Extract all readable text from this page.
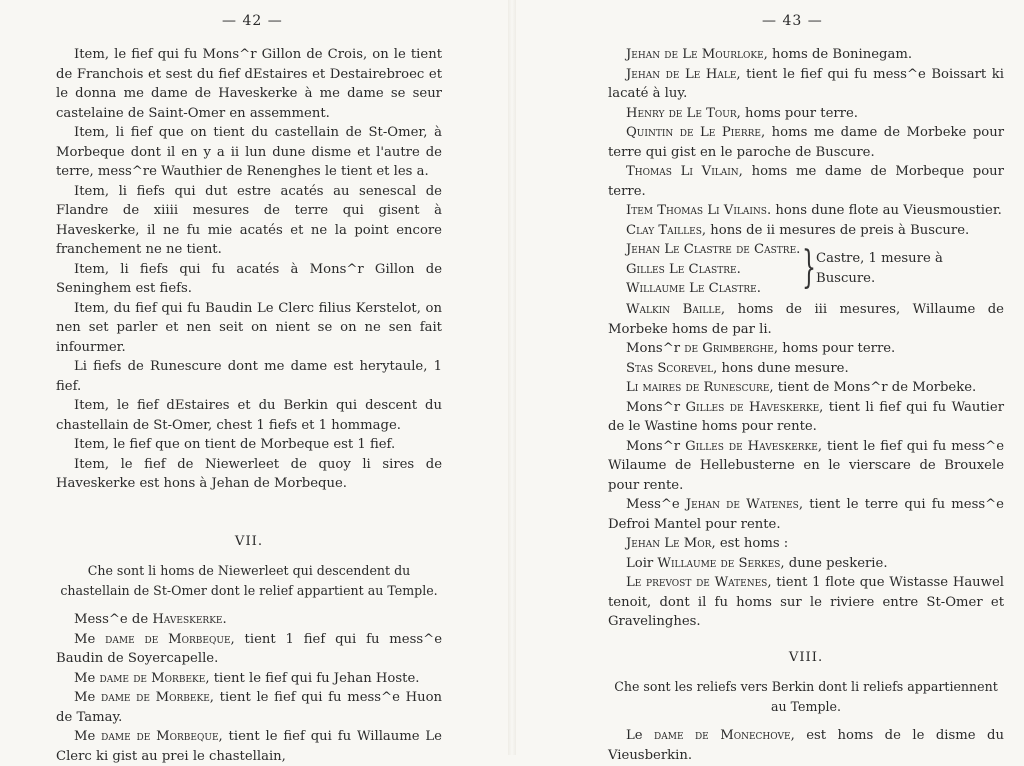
— 42 —

Item, le fief qui fu Mons^r Gillon de Crois, on le tient de Franchois et sest du fief dEstaires et Destairebroec et le donna me dame de Haveskerke à me dame se seur castelaine de Saint-Omer en assemment.

Item, li fief que on tient du castellain de St-Omer, à Morbeque dont il en y a ii lun dune disme et l'autre de terre, mess^re Wauthier de Renenghes le tient et les a.

Item, li fiefs qui dut estre acatés au senescal de Flandre de xiiii mesures de terre qui gisent à Haveskerke, il ne fu mie acatés et ne la point encore franchement ne ne tient.

Item, li fiefs qui fu acatés à Mons^r Gillon de Seninghem est fiefs.

Item, du fief qui fu Baudin Le Clerc filius Kerstelot, on nen set parler et nen seit on nient se on ne sen fait infourmer.

Li fiefs de Runescure dont me dame est herytaule, 1 fief.

Item, le fief dEstaires et du Berkin qui descent du chastellain de St-Omer, chest 1 fiefs et 1 hommage.

Item, le fief que on tient de Morbeque est 1 fief.

Item, le fief de Niewerleet de quoy li sires de Haveskerke est hons à Jehan de Morbeque.

VII.

Che sont li homs de Niewerleet qui descendent du chastellain de St-Omer dont le relief appartient au Temple.

Mess^e de Haveskerke.

Me dame de Morbeque, tient 1 fief qui fu mess^e Baudin de Soyercapelle.

Me dame de Morbeke, tient le fief qui fu Jehan Hoste.

Me dame de Morbeke, tient le fief qui fu mess^e Huon de Tamay.

Me dame de Morbeque, tient le fief qui fu Willaume Le Clerc ki gist au prei le chastellain,

— 43 —

Jehan de Le Mourloke, homs de Boninegam.

Jehan de Le Hale, tient le fief qui fu mess^e Boissart ki lacaté à luy.

Henry de Le Tour, homs pour terre.

Quintin de Le Pierre, homs me dame de Morbeke pour terre qui gist en le paroche de Buscure.

Thomas Li Vilain, homs me dame de Morbeque pour terre.

Item Thomas Li Vilains. hons dune flote au Vieusmoustier.

Clay Tailles, hons de ii mesures de preis à Buscure.

Jehan Le Clastre de Castre.

Gilles Le Clastre.

Willaume Le Clastre. } Castre, 1 mesure à Buscure.

Walkin Baille, homs de iii mesures, Willaume de Morbeke homs de par li.

Mons^r de Grimberghe, homs pour terre.

Stas Scorevel, hons dune mesure.

Li maires de Runescure, tient de Mons^r de Morbeke.

Mons^r Gilles de Haveskerke, tient li fief qui fu Wautier de le Wastine homs pour rente.

Mons^r Gilles de Haveskerke, tient le fief qui fu mess^e Wilaume de Hellebusterne en le vierscare de Brouxele pour rente.

Mess^e Jehan de Watenes, tient le terre qui fu mess^e Defroi Mantel pour rente.

Jehan Le Mor, est homs :

Loir Willaume de Serkes, dune peskerie.

Le prevost de Watenes, tient 1 flote que Wistasse Hauwel tenoit, dont il fu homs sur le riviere entre St-Omer et Gravelinghes.

VIII.

Che sont les reliefs vers Berkin dont li reliefs appartiennent au Temple.

Le dame de Monechove, est homs de le disme du Vieusberkin.
